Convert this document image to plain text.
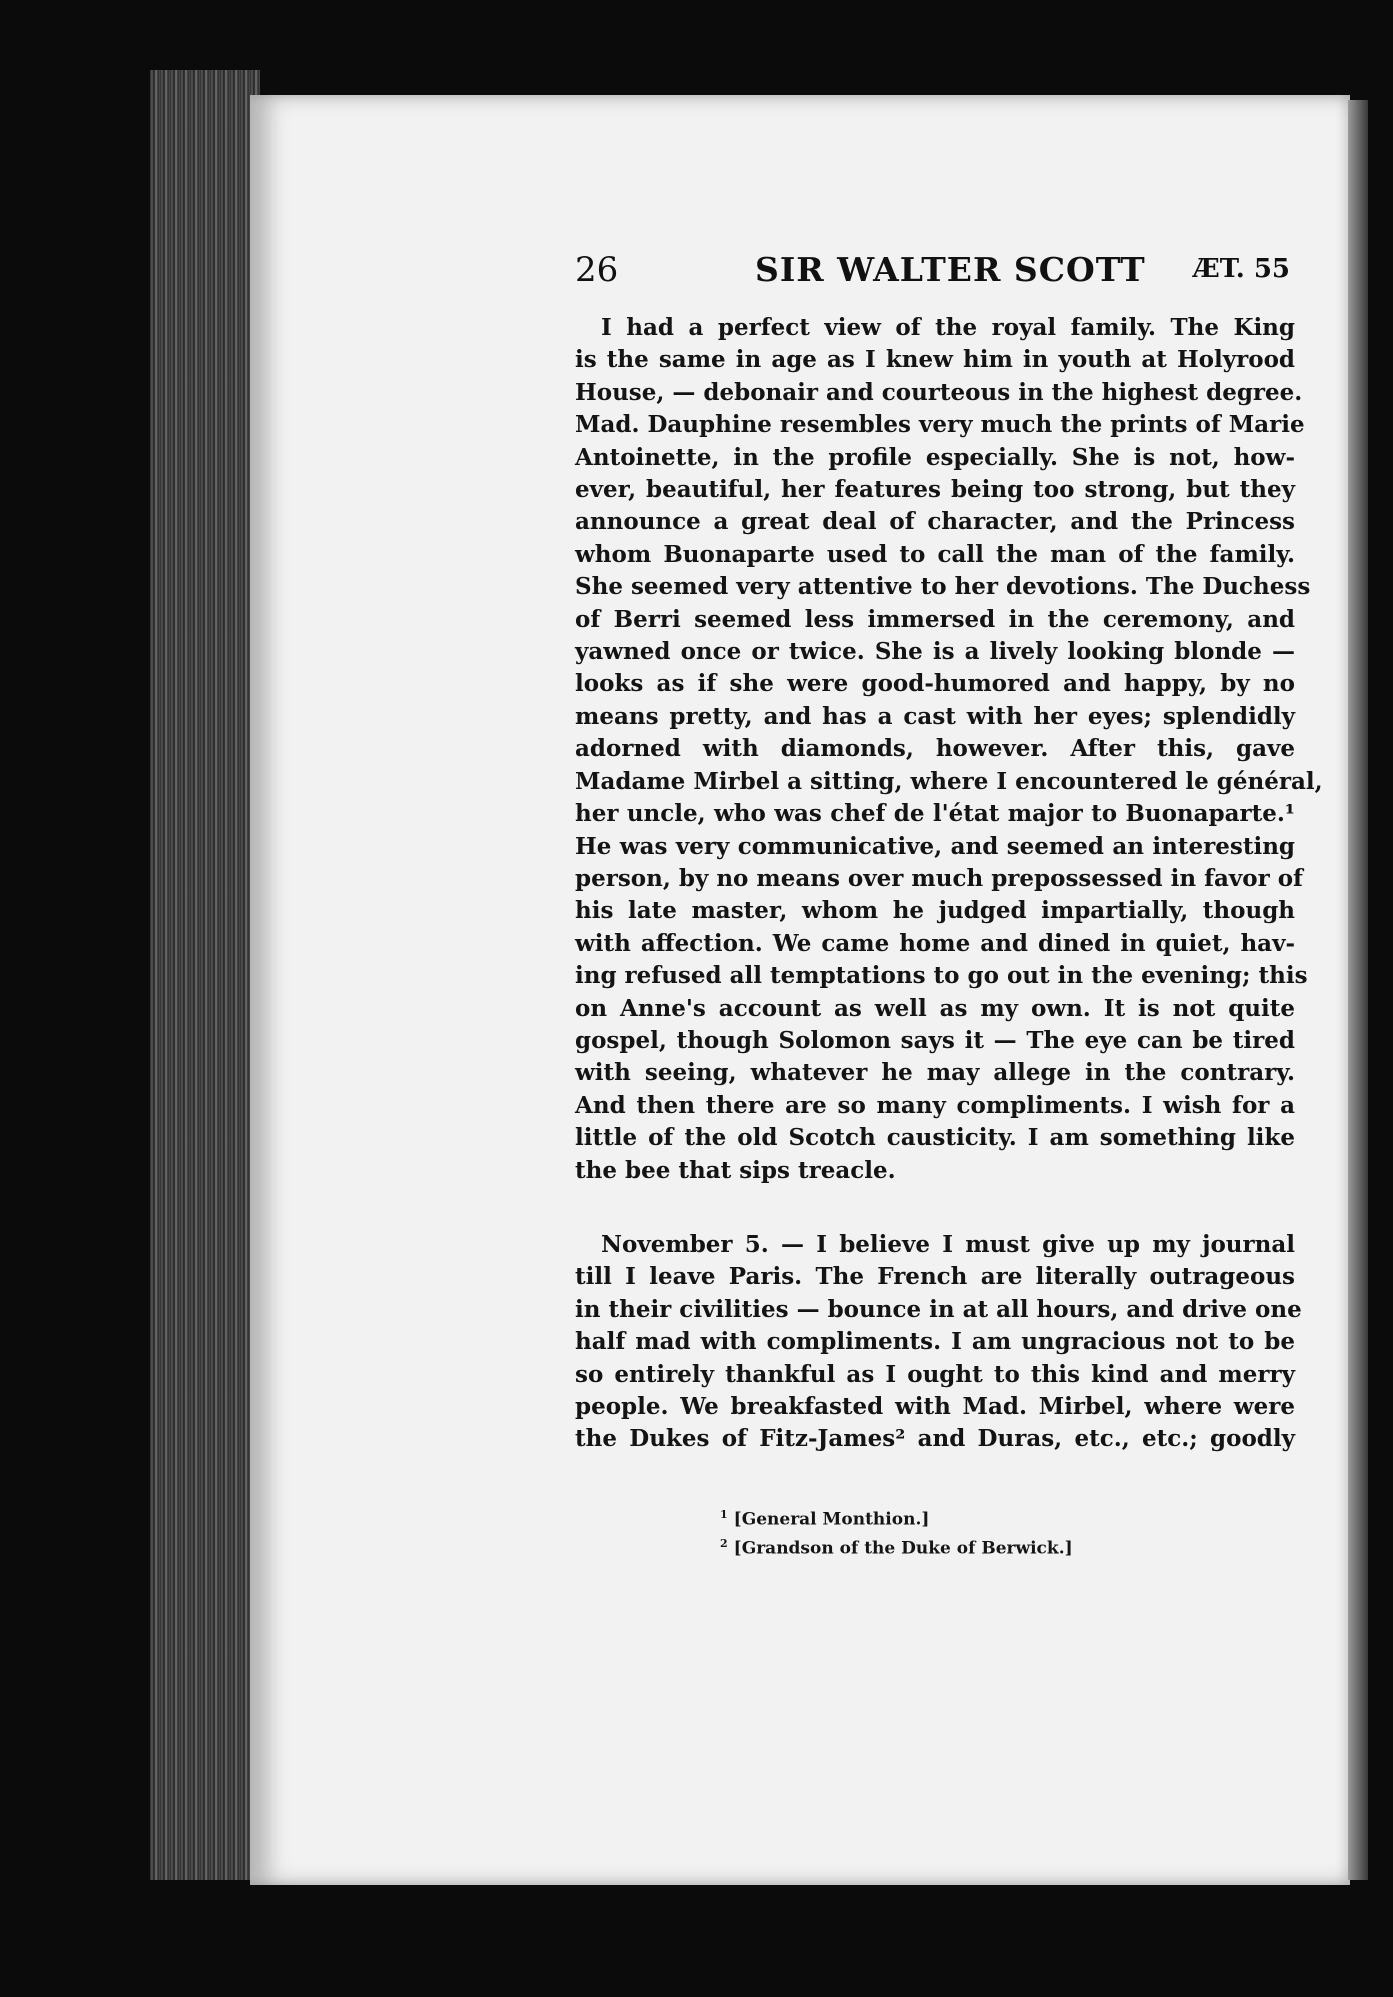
26	SIR WALTER SCOTT ÆT. 55

I had a perfect view of the royal family. The King
is the same in age as I knew him in youth at Holyrood
House, — debonair and courteous in the highest degree.
Mad. Dauphine resembles very much the prints of Marie
Antoinette, in the profile especially. She is not, how-
ever, beautiful, her features being too strong, but they
announce a great deal of character, and the Princess
whom Buonaparte used to call the man of the family.
She seemed very attentive to her devotions. The Duchess
of Berri seemed less immersed in the ceremony, and
yawned once or twice. She is a lively looking blonde —
looks as if she were good-humored and happy, by no
means pretty, and has a cast with her eyes; splendidly
adorned with diamonds, however. After this, gave
Madame Mirbel a sitting, where I encountered le général,
her uncle, who was chef de l'état major to Buonaparte.¹
He was very communicative, and seemed an interesting
person, by no means over much prepossessed in favor of
his late master, whom he judged impartially, though
with affection. We came home and dined in quiet, hav-
ing refused all temptations to go out in the evening; this
on Anne's account as well as my own. It is not quite
gospel, though Solomon says it — The eye can be tired
with seeing, whatever he may allege in the contrary.
And then there are so many compliments. I wish for a
little of the old Scotch causticity. I am something like
the bee that sips treacle.

November 5. — I believe I must give up my journal
till I leave Paris. The French are literally outrageous
in their civilities — bounce in at all hours, and drive one
half mad with compliments. I am ungracious not to be
so entirely thankful as I ought to this kind and merry
people. We breakfasted with Mad. Mirbel, where were
the Dukes of Fitz-James² and Duras, etc., etc.; goodly

$^1$ [General Monthion.]
$^2$ [Grandson of the Duke of Berwick.]
